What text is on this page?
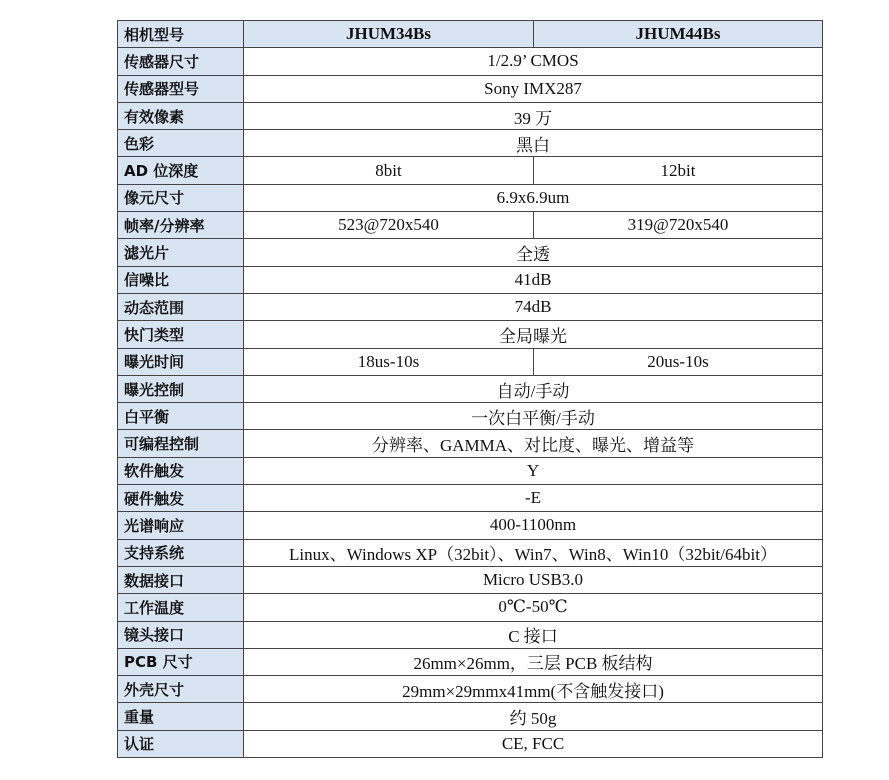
相机型号	JHUM34Bs	JHUM44Bs
传感器尺寸	1/2.9’ CMOS	
传感器型号	Sony IMX287	
有效像素	39 万	
色彩	黑白	
AD 位深度	8bit	12bit
像元尺寸	6.9x6.9um	
帧率/分辨率	523@720x540	319@720x540
滤光片	全透	
信噪比	41dB	
动态范围	74dB	
快门类型	全局曝光	
曝光时间	18us-10s	20us-10s
曝光控制	自动/手动	
白平衡	一次白平衡/手动	
可编程控制	分辨率、GAMMA、对比度、曝光、增益等	
软件触发	Y	
硬件触发	-E	
光谱响应	400-1100nm	
支持系统	Linux、Windows XP（32bit）、Win7、Win8、Win10（32bit/64bit）	
数据接口	Micro USB3.0	
工作温度	0℃-50℃	
镜头接口	C 接口	
PCB 尺寸	26mm×26mm，三层 PCB 板结构	
外壳尺寸	29mm×29mmx41mm(不含触发接口)	
重量	约 50g	
认证	CE, FCC	
